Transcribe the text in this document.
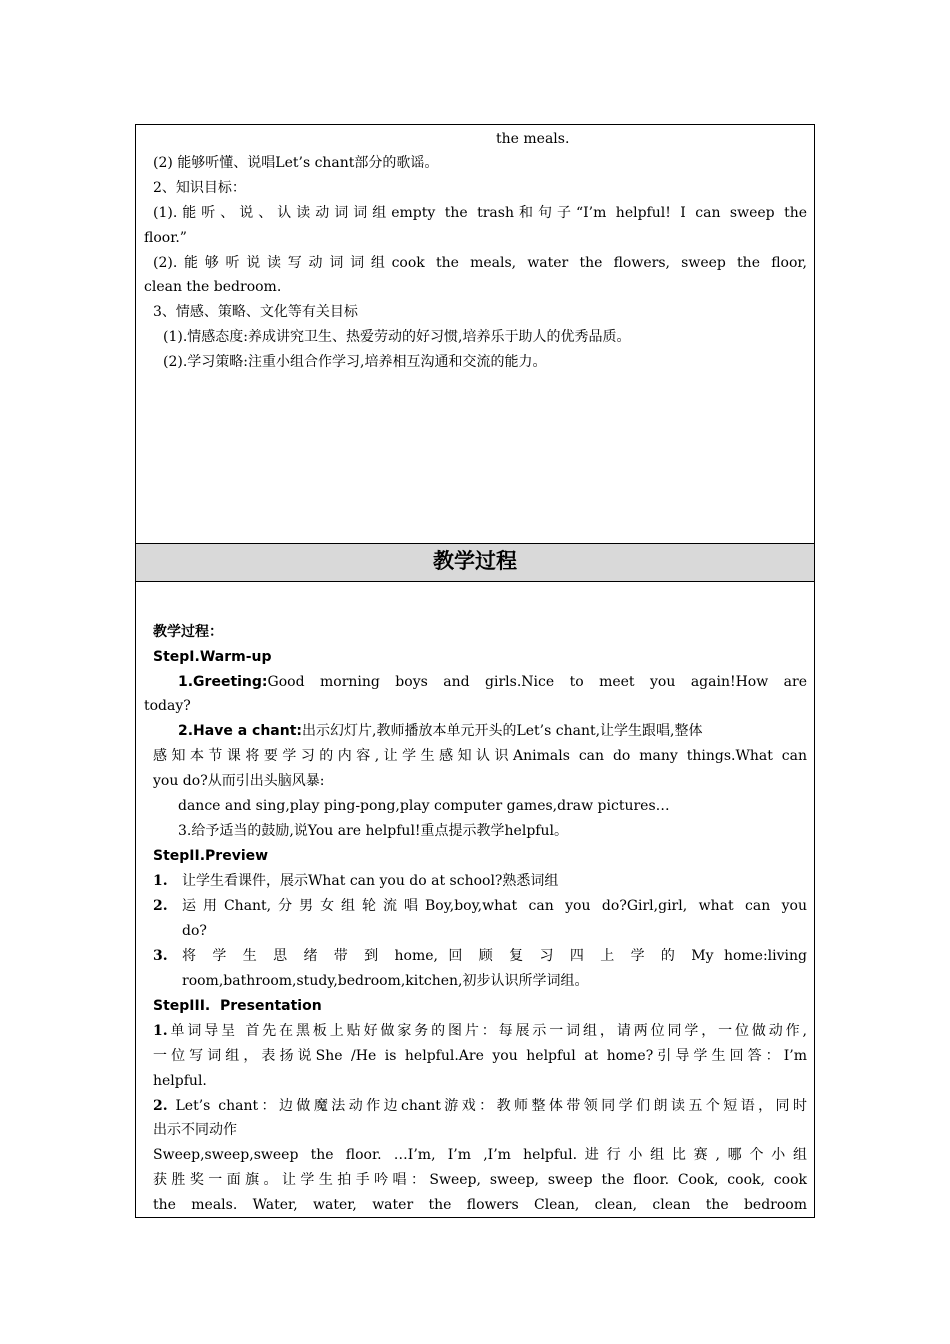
the meals.
(2) 能够听懂、说唱Let’s chant部分的歌谣。
2、知识目标：
(1).能听、说、认读动词词组empty the trash和句子“I’m helpful! I can sweep the
floor.”
(2).能够听说读写动词词组cook the meals, water the flowers, sweep the floor,
clean the bedroom.
3、情感、策略、文化等有关目标
(1).情感态度:养成讲究卫生、热爱劳动的好习惯,培养乐于助人的优秀品质。
(2).学习策略:注重小组合作学习,培养相互沟通和交流的能力。
教学过程
教学过程：
StepI.Warm-up
1.Greeting:Good morning boys and girls.Nice to meet you again!How are
today?
2.Have a chant:出示幻灯片,教师播放本单元开头的Let’s chant,让学生跟唱,整体
感知本节课将要学习的内容,让学生感知认识Animals can do many things.What can
you do?从而引出头脑风暴:
dance and sing,play ping-pong,play computer games,draw pictures…
3.给予适当的鼓励,说You are helpful!重点提示教学helpful。
StepII.Preview
1. 让学生看课件，展示What can you do at school?熟悉词组
2. 运用Chant,分男女组轮流唱Boy,boy,what can you do?Girl,girl, what can you
do?
3. 将 学 生 思 绪 带 到 home, 回 顾 复 习 四 上 学 的 My home:living
room,bathroom,study,bedroom,kitchen,初步认识所学词组。
StepIII.  Presentation
1.单词导呈 首先在黑板上贴好做家务的图片：每展示一词组，请两位同学，一位做动作,
一位写词组，表扬说She /He is helpful.Are you helpful at home?引导学生回答：I’m
helpful.
2. Let’s chant：边做魔法动作边chant游戏：教师整体带领同学们朗读五个短语，同时
出示不同动作
Sweep,sweep,sweep the floor. …I’m, I’m ,I’m helpful.进行小组比赛,哪个小组
获胜奖一面旗。让学生拍手吟唱：Sweep, sweep, sweep the floor. Cook, cook, cook
the meals. Water, water, water the flowers Clean, clean, clean the bedroom
